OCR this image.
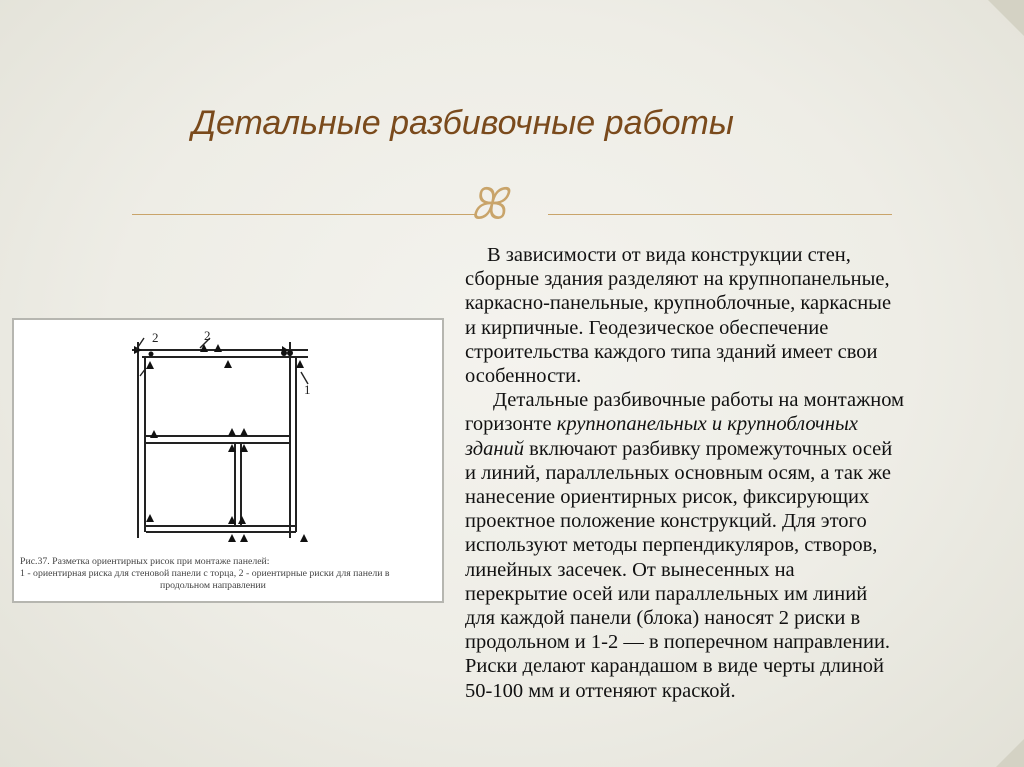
Детальные разбивочные работы
ꕤ
2	2
1
Рис.37. Разметка ориентирных рисок при монтаже панелей:
1 - ориентирная риска для стеновой панели с торца, 2 - ориентирные риски для панели в
продольном направлении
В зависимости от вида конструкции стен,
сборные здания разделяют на крупнопанельные,
каркасно-панельные, крупноблочные, каркасные
и кирпичные. Геодезическое обеспечение
строительства каждого типа зданий имеет свои
особенности.
Детальные разбивочные работы на монтажном
горизонте крупнопанельных и крупноблочных
зданий включают разбивку промежуточных осей
и линий, параллельных основным осям, а так же
нанесение ориентирных рисок, фиксирующих
проектное положение конструкций. Для этого
используют методы перпендикуляров, створов,
линейных засечек. От вынесенных на
перекрытие осей или параллельных им линий
для каждой панели (блока) наносят 2 риски в
продольном и 1-2 — в поперечном направлении.
Риски делают карандашом в виде черты длиной
50-100 мм и оттеняют краской.
